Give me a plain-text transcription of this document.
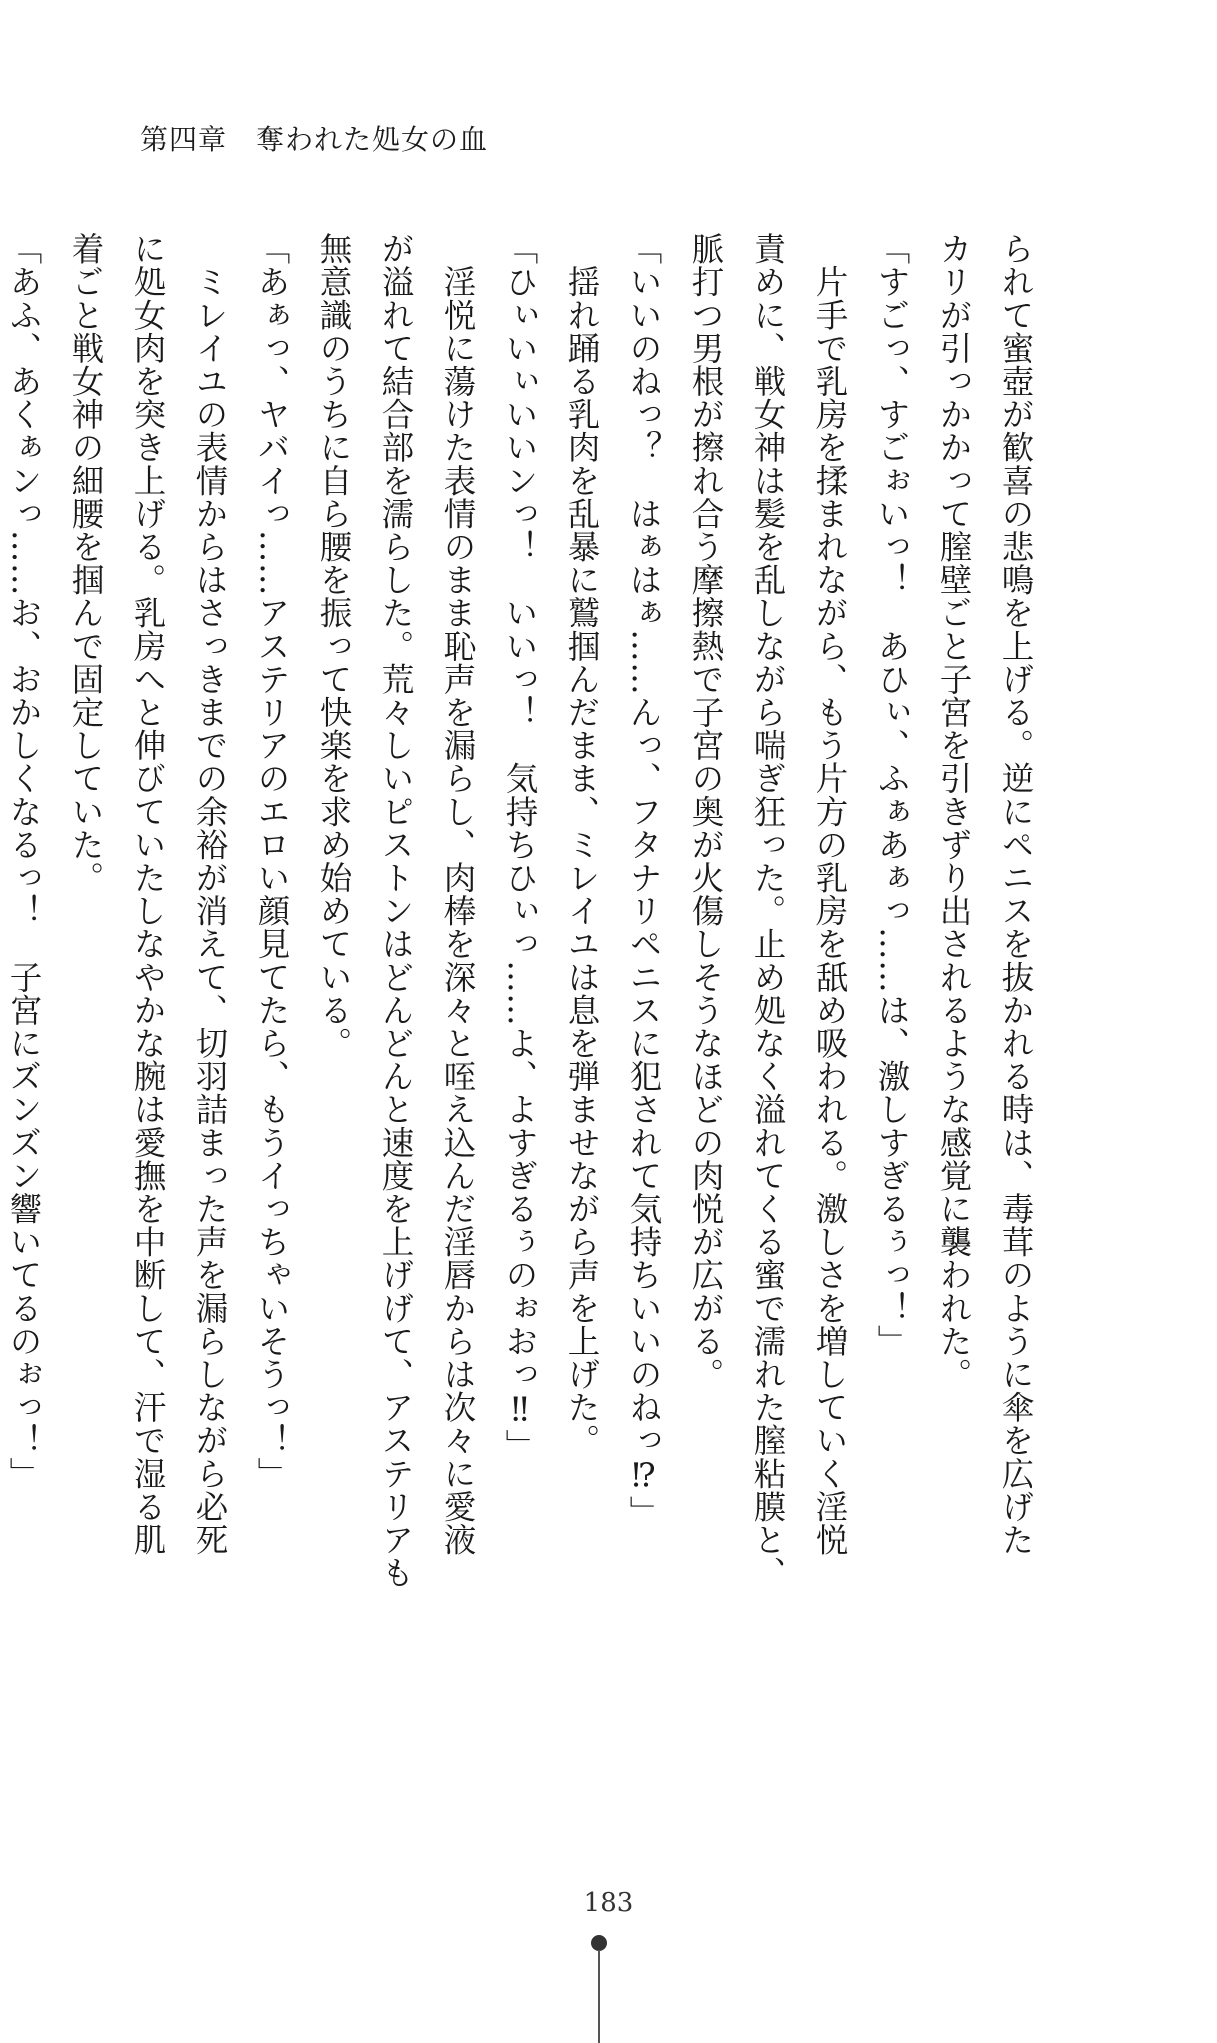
第四章　奪われた処女の血

られて蜜壺が歓喜の悲鳴を上げる。逆にペニスを抜かれる時は、毒茸のように傘を広げた

カリが引っかかって膣壁ごと子宮を引きずり出されるような感覚に襲われた。

「すごっ、すごぉいっ！　あひぃ、ふぁあぁっ……は、激しすぎるぅっ！」

　片手で乳房を揉まれながら、もう片方の乳房を舐め吸われる。激しさを増していく淫悦

責めに、戦女神は髪を乱しながら喘ぎ狂った。止め処なく溢れてくる蜜で濡れた膣粘膜と、

脈打つ男根が擦れ合う摩擦熱で子宮の奥が火傷しそうなほどの肉悦が広がる。

「いいのねっ？　はぁはぁ……んっ、フタナリペニスに犯されて気持ちいいのねっ⁉」

　揺れ踊る乳肉を乱暴に鷲掴んだまま、ミレイユは息を弾ませながら声を上げた。

「ひぃいぃいいンっ！　いいっ！　気持ちひぃっ……よ、よすぎるぅのぉおっ‼」

　淫悦に蕩けた表情のまま恥声を漏らし、肉棒を深々と咥え込んだ淫唇からは次々に愛液

が溢れて結合部を濡らした。荒々しいピストンはどんどんと速度を上げげて、アステリアも

無意識のうちに自ら腰を振って快楽を求め始めている。

「あぁっ、ヤバイっ……アステリアのエロい顔見てたら、もうイっちゃいそうっ！」

　ミレイユの表情からはさっきまでの余裕が消えて、切羽詰まった声を漏らしながら必死

に処女肉を突き上げる。乳房へと伸びていたしなやかな腕は愛撫を中断して、汗で湿る肌

着ごと戦女神の細腰を掴んで固定していた。

「あふ、あくぁンっ……お、おかしくなるっ！　子宮にズンズン響いてるのぉっ！」

183
